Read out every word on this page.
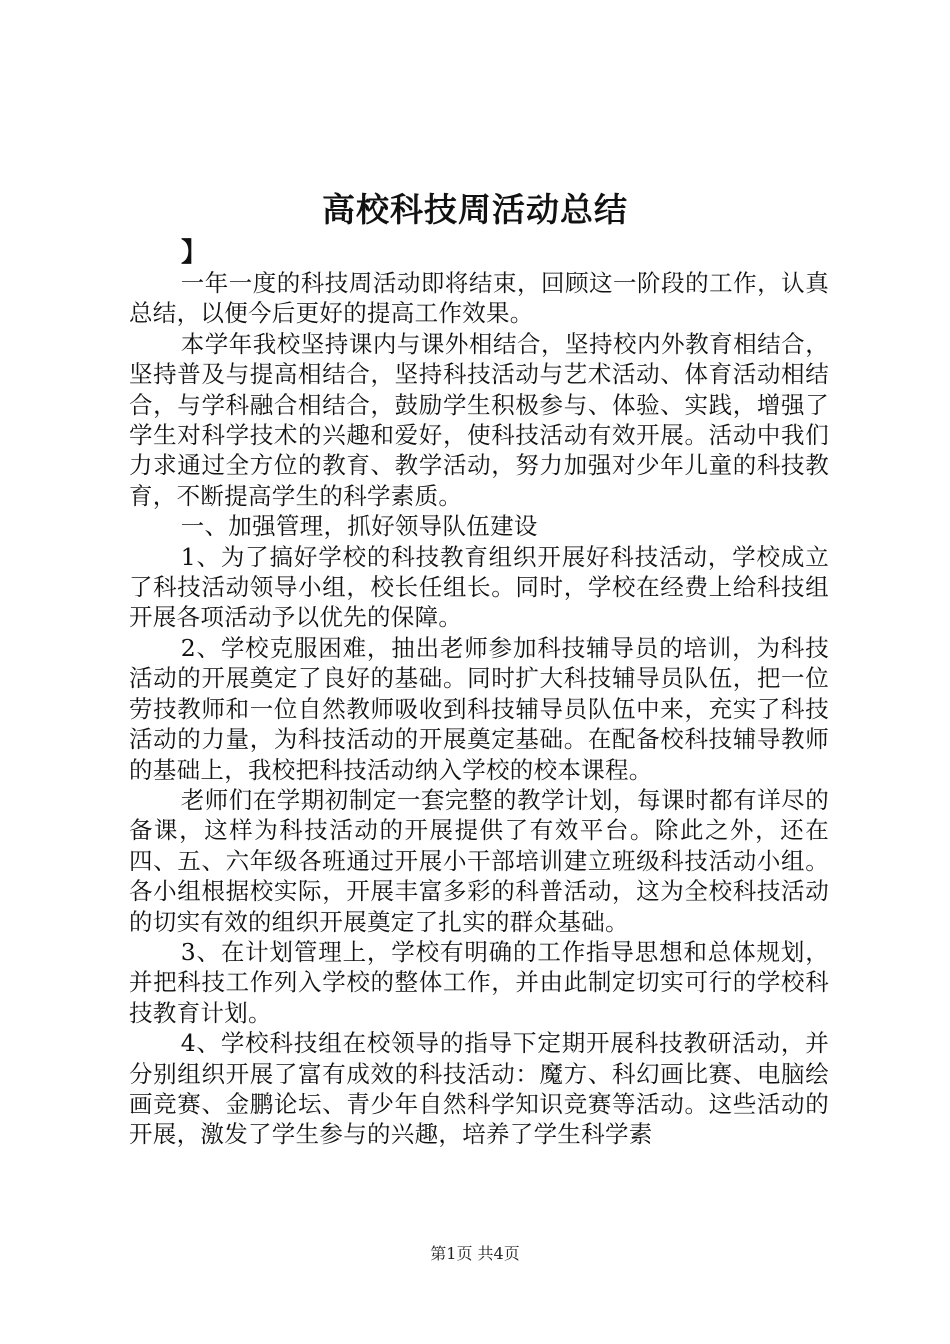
高校科技周活动总结
】

一年一度的科技周活动即将结束，回顾这一阶段的工作，认真总结，以便今后更好的提高工作效果。

本学年我校坚持课内与课外相结合，坚持校内外教育相结合，坚持普及与提高相结合，坚持科技活动与艺术活动、体育活动相结合，与学科融合相结合，鼓励学生积极参与、体验、实践，增强了学生对科学技术的兴趣和爱好，使科技活动有效开展。活动中我们力求通过全方位的教育、教学活动，努力加强对少年儿童的科技教育，不断提高学生的科学素质。

一、加强管理，抓好领导队伍建设

1、为了搞好学校的科技教育组织开展好科技活动，学校成立了科技活动领导小组，校长任组长。同时，学校在经费上给科技组开展各项活动予以优先的保障。

2、学校克服困难，抽出老师参加科技辅导员的培训，为科技活动的开展奠定了良好的基础。同时扩大科技辅导员队伍，把一位劳技教师和一位自然教师吸收到科技辅导员队伍中来，充实了科技活动的力量，为科技活动的开展奠定基础。在配备校科技辅导教师的基础上，我校把科技活动纳入学校的校本课程。

老师们在学期初制定一套完整的教学计划，每课时都有详尽的备课，这样为科技活动的开展提供了有效平台。除此之外，还在四、五、六年级各班通过开展小干部培训建立班级科技活动小组。各小组根据校实际，开展丰富多彩的科普活动，这为全校科技活动的切实有效的组织开展奠定了扎实的群众基础。

3、在计划管理上，学校有明确的工作指导思想和总体规划，并把科技工作列入学校的整体工作，并由此制定切实可行的学校科技教育计划。

4、学校科技组在校领导的指导下定期开展科技教研活动，并分别组织开展了富有成效的科技活动：魔方、科幻画比赛、电脑绘画竞赛、金鹏论坛、青少年自然科学知识竞赛等活动。这些活动的开展，激发了学生参与的兴趣，培养了学生科学素

第1页 共4页
